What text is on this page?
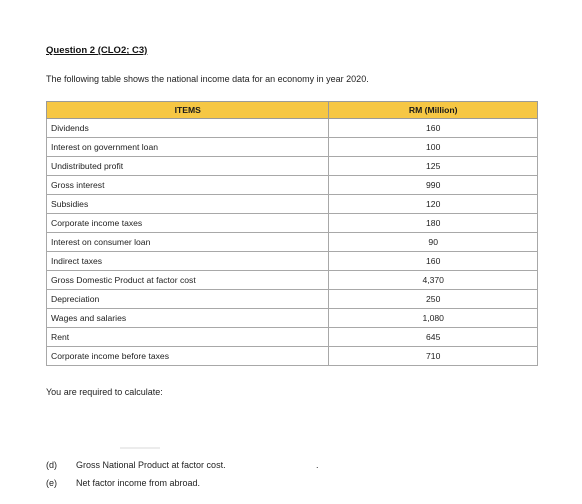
Question 2 (CLO2; C3)
The following table shows the national income data for an economy in year 2020.
ITEMS	RM (Million)
Dividends	160
Interest on government loan	100
Undistributed profit	125
Gross interest	990
Subsidies	120
Corporate income taxes	180
Interest on consumer loan	90
Indirect taxes	160
Gross Domestic Product at factor cost	4,370
Depreciation	250
Wages and salaries	1,080
Rent	645
Corporate income before taxes	710
You are required to calculate:
(d) Gross National Product at factor cost.	.
(e) Net factor income from abroad.
